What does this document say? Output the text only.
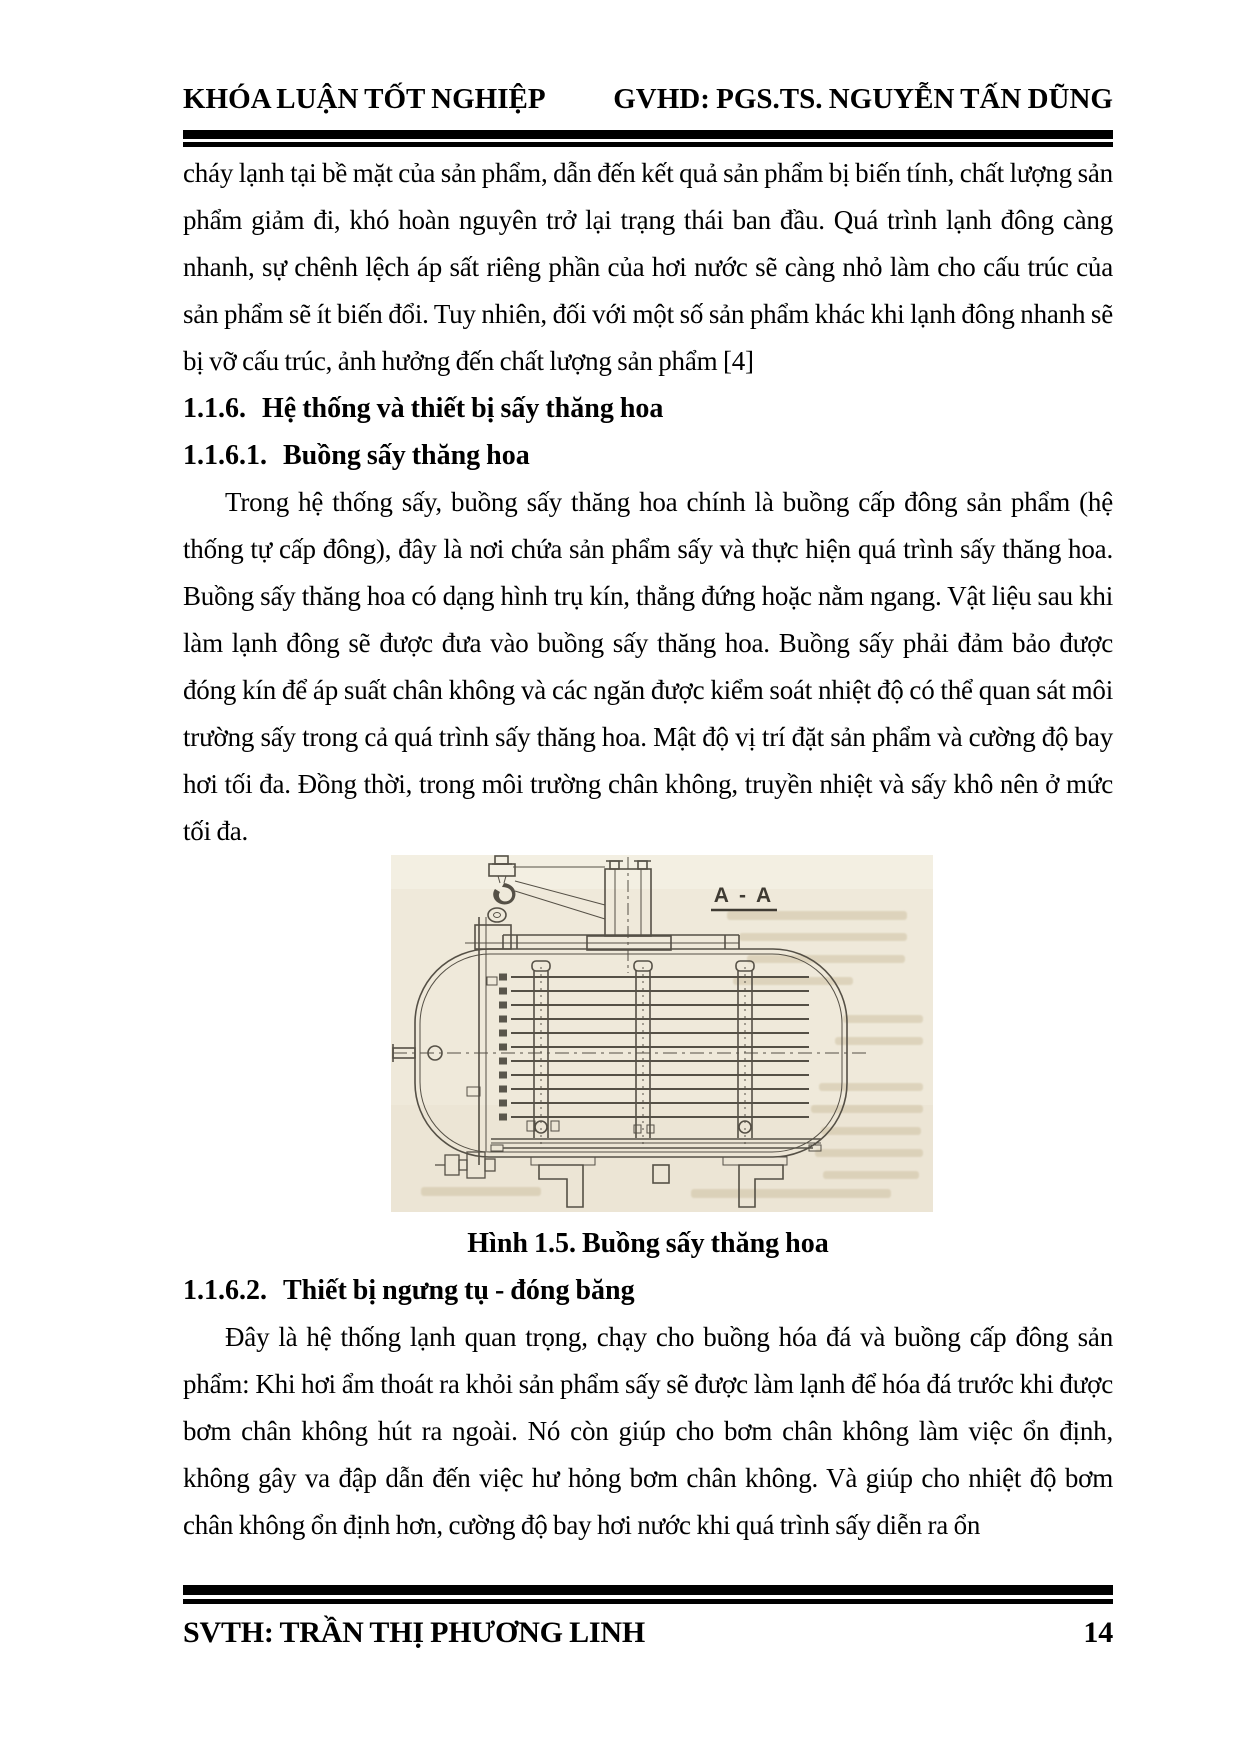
KHÓA LUẬN TỐT NGHIỆP GVHD: PGS.TS. NGUYỄN TẤN DŨNG

cháy lạnh tại bề mặt của sản phẩm, dẫn đến kết quả sản phẩm bị biến tính, chất lượng sản phẩm giảm đi, khó hoàn nguyên trở lại trạng thái ban đầu. Quá trình lạnh đông càng nhanh, sự chênh lệch áp sất riêng phần của hơi nước sẽ càng nhỏ làm cho cấu trúc của sản phẩm sẽ ít biến đổi. Tuy nhiên, đối với một số sản phẩm khác khi lạnh đông nhanh sẽ bị vỡ cấu trúc, ảnh hưởng đến chất lượng sản phẩm [4]

1.1.6. Hệ thống và thiết bị sấy thăng hoa
1.1.6.1. Buồng sấy thăng hoa

Trong hệ thống sấy, buồng sấy thăng hoa chính là buồng cấp đông sản phẩm (hệ thống tự cấp đông), đây là nơi chứa sản phẩm sấy và thực hiện quá trình sấy thăng hoa. Buồng sấy thăng hoa có dạng hình trụ kín, thẳng đứng hoặc nằm ngang. Vật liệu sau khi làm lạnh đông sẽ được đưa vào buồng sấy thăng hoa. Buồng sấy phải đảm bảo được đóng kín để áp suất chân không và các ngăn được kiểm soát nhiệt độ có thể quan sát môi trường sấy trong cả quá trình sấy thăng hoa. Mật độ vị trí đặt sản phẩm và cường độ bay hơi tối đa. Đồng thời, trong môi trường chân không, truyền nhiệt và sấy khô nên ở mức tối đa.

A - A

Hình 1.5. Buồng sấy thăng hoa

1.1.6.2. Thiết bị ngưng tụ - đóng băng

Đây là hệ thống lạnh quan trọng, chạy cho buồng hóa đá và buồng cấp đông sản phẩm: Khi hơi ẩm thoát ra khỏi sản phẩm sấy sẽ được làm lạnh để hóa đá trước khi được bơm chân không hút ra ngoài. Nó còn giúp cho bơm chân không làm việc ổn định, không gây va đập dẫn đến việc hư hỏng bơm chân không. Và giúp cho nhiệt độ bơm chân không ổn định hơn, cường độ bay hơi nước khi quá trình sấy diễn ra ổn

SVTH: TRẦN THỊ PHƯƠNG LINH	14
